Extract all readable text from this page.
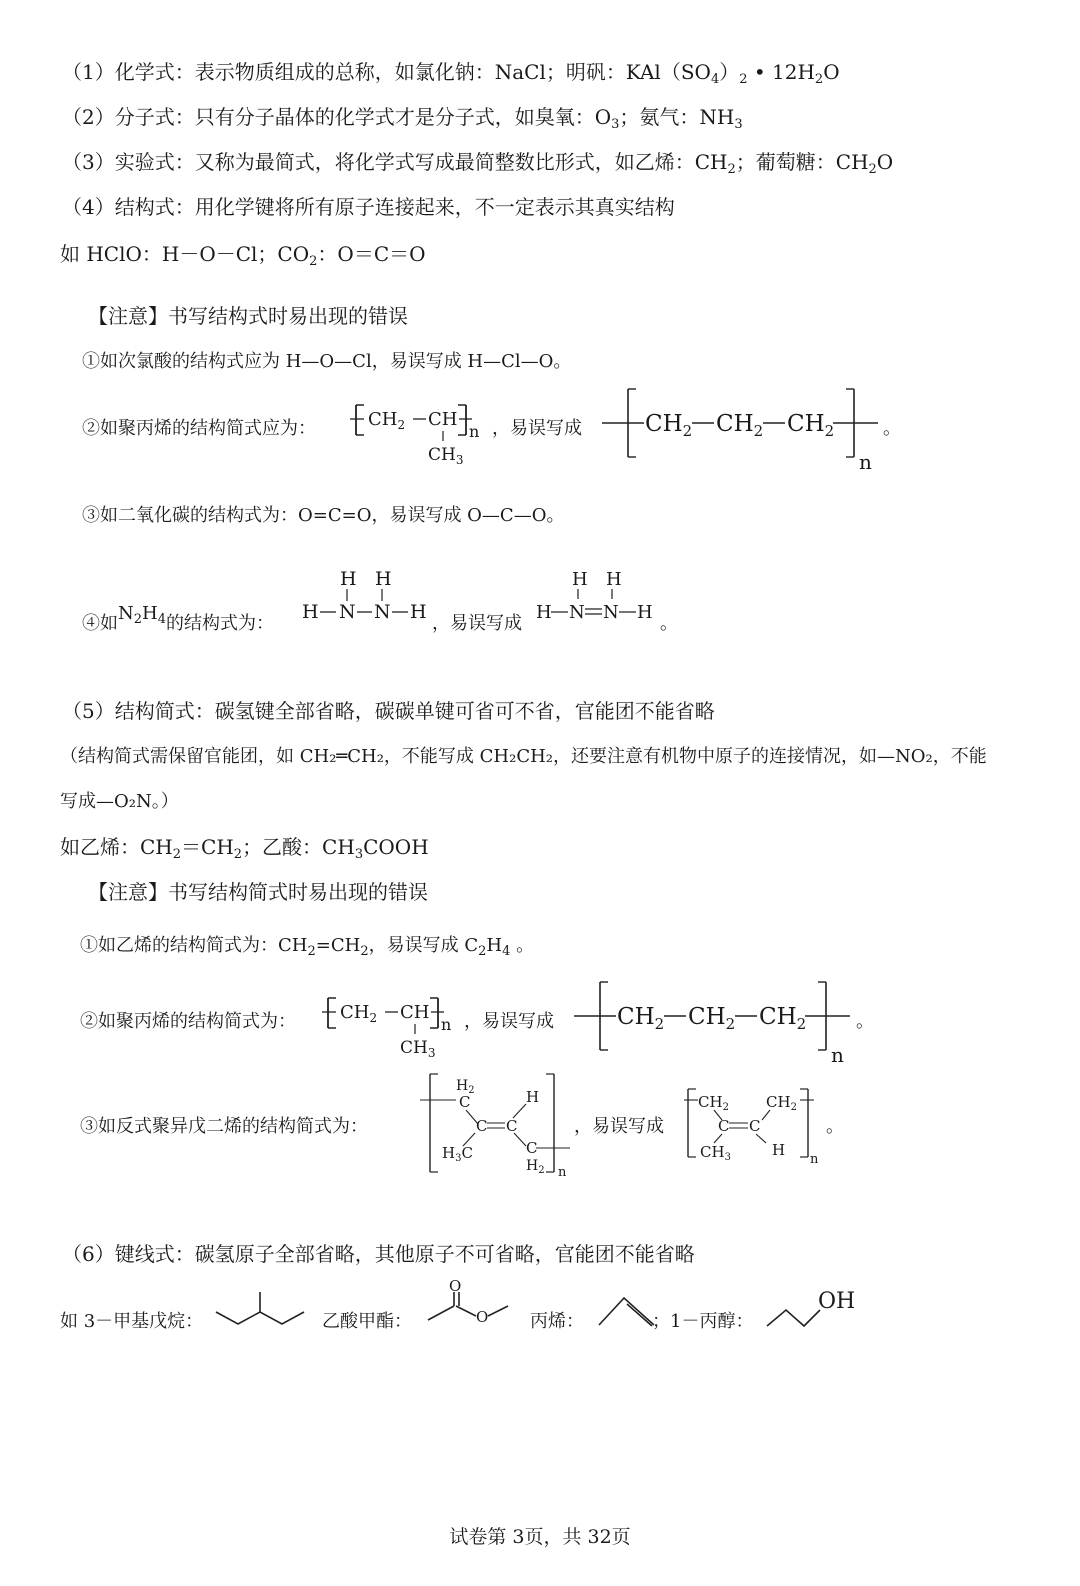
（1）化学式：表示物质组成的总称，如氯化钠：NaCl；明矾：$KAl(SO_4)_2$ • $12H_2O$
（2）分子式：只有分子晶体的化学式才是分子式，如臭氧：$O_3$；氨气：$NH_3$
（3）实验式：又称为最简式，将化学式写成最简整数比形式，如乙烯：$CH_2$；葡萄糖：$CH_2O$
（4）结构式：用化学键将所有原子连接起来，不一定表示其真实结构
如 HClO：H－O－Cl；$CO_2$：O＝C＝O
【注意】书写结构式时易出现的错误
①如次氯酸的结构式应为 H—O—Cl，易误写成 H—Cl—O。
②如聚丙烯的结构简式应为：	$CH_2$ CH
$CH_3$
n ，易误写成	$CH_2$ $CH_2$ $CH_2$
n
。
③如二氧化碳的结构式为：O=C=O，易误写成 O—C—O。
④如$N_2H_4$的结构式为：
H H
H N N H
，易误写成
H H
H N N H
。
（5）结构简式：碳氢键全部省略，碳碳单键可省可不省，官能团不能省略
（结构简式需保留官能团，如 CH₂═CH₂，不能写成 CH₂CH₂，还要注意有机物中原子的连接情况，如—NO₂，不能
写成—O₂N。）
如乙烯：$CH_2=CH_2$；乙酸：$CH_3COOH$
【注意】书写结构简式时易出现的错误
①如乙烯的结构简式为：$CH_2=CH_2$，易误写成 $C_2H_4$ 。
②如聚丙烯的结构简式为： $CH_2$ CH
$CH_3$
n ，易误写成	$CH_2$ $CH_2$ $CH_2$
n
。
③如反式聚异戊二烯的结构简式为：
$H_2$
C
C C
H
$H_3C$	C
$H_2$ n
，易误写成
$CH_2$ $CH_2$
C C
$CH_3$	H
n
。
（6）键线式：碳氢原子全部省略，其他原子不可省略，官能团不能省略
如 3－甲基戊烷：	乙酸甲酯：
O
O 丙烯：	； 1－丙醇：
OH
试卷第 3页，共 32页
